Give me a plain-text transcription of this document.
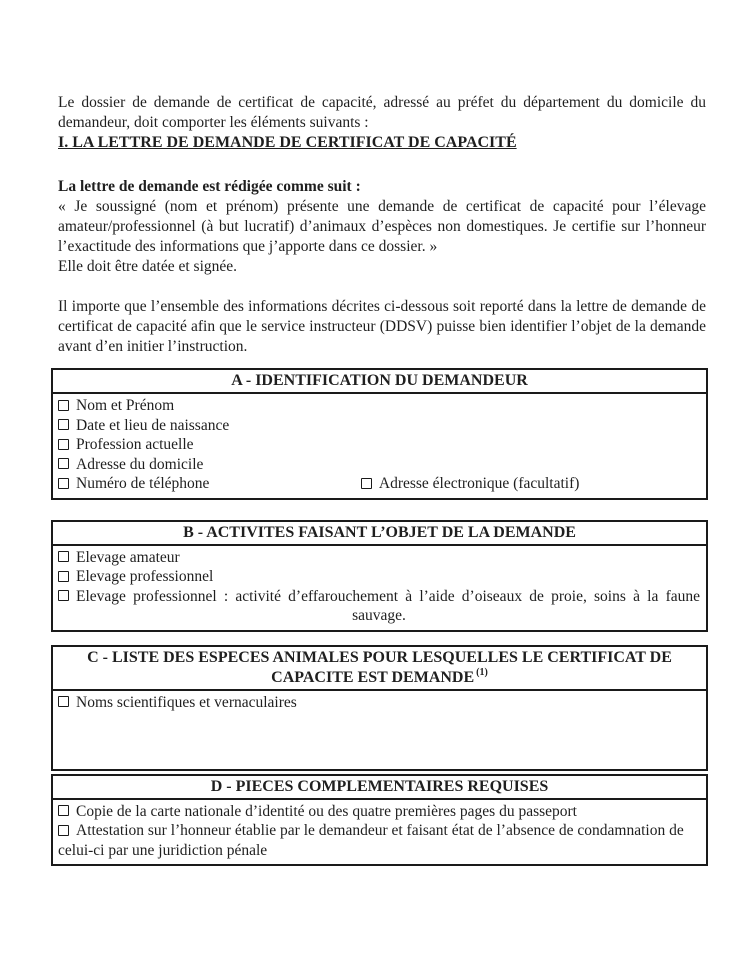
Le dossier de demande de certificat de capacité, adressé au préfet du département du domicile du demandeur, doit comporter les éléments suivants :

I. LA LETTRE DE DEMANDE DE CERTIFICAT DE CAPACITÉ

La lettre de demande est rédigée comme suit :

« Je soussigné (nom et prénom) présente une demande de certificat de capacité pour l’élevage amateur/professionnel (à but lucratif) d’animaux d’espèces non domestiques. Je certifie sur l’honneur l’exactitude des informations que j’apporte dans ce dossier. »

Elle doit être datée et signée.

Il importe que l’ensemble des informations décrites ci-dessous soit reporté dans la lettre de demande de certificat de capacité afin que le service instructeur (DDSV) puisse bien identifier l’objet de la demande avant d’en initier l’instruction.

A - IDENTIFICATION DU DEMANDEUR
Nom et Prénom
Date et lieu de naissance
Profession actuelle
Adresse du domicile
Numéro de téléphone	Adresse électronique (facultatif)
B - ACTIVITES FAISANT L’OBJET DE LA DEMANDE
Elevage amateur
Elevage professionnel
Elevage professionnel : activité d’effarouchement à l’aide d’oiseaux de proie, soins à la faune sauvage.
C - LISTE DES ESPECES ANIMALES POUR LESQUELLES LE CERTIFICAT DE
CAPACITE EST DEMANDE $^{(1)}$
Noms scientifiques et vernaculaires
D - PIECES COMPLEMENTAIRES REQUISES
Copie de la carte nationale d’identité ou des quatre premières pages du passeport
Attestation sur l’honneur établie par le demandeur et faisant état de l’absence de condamnation de celui-ci par une juridiction pénale
